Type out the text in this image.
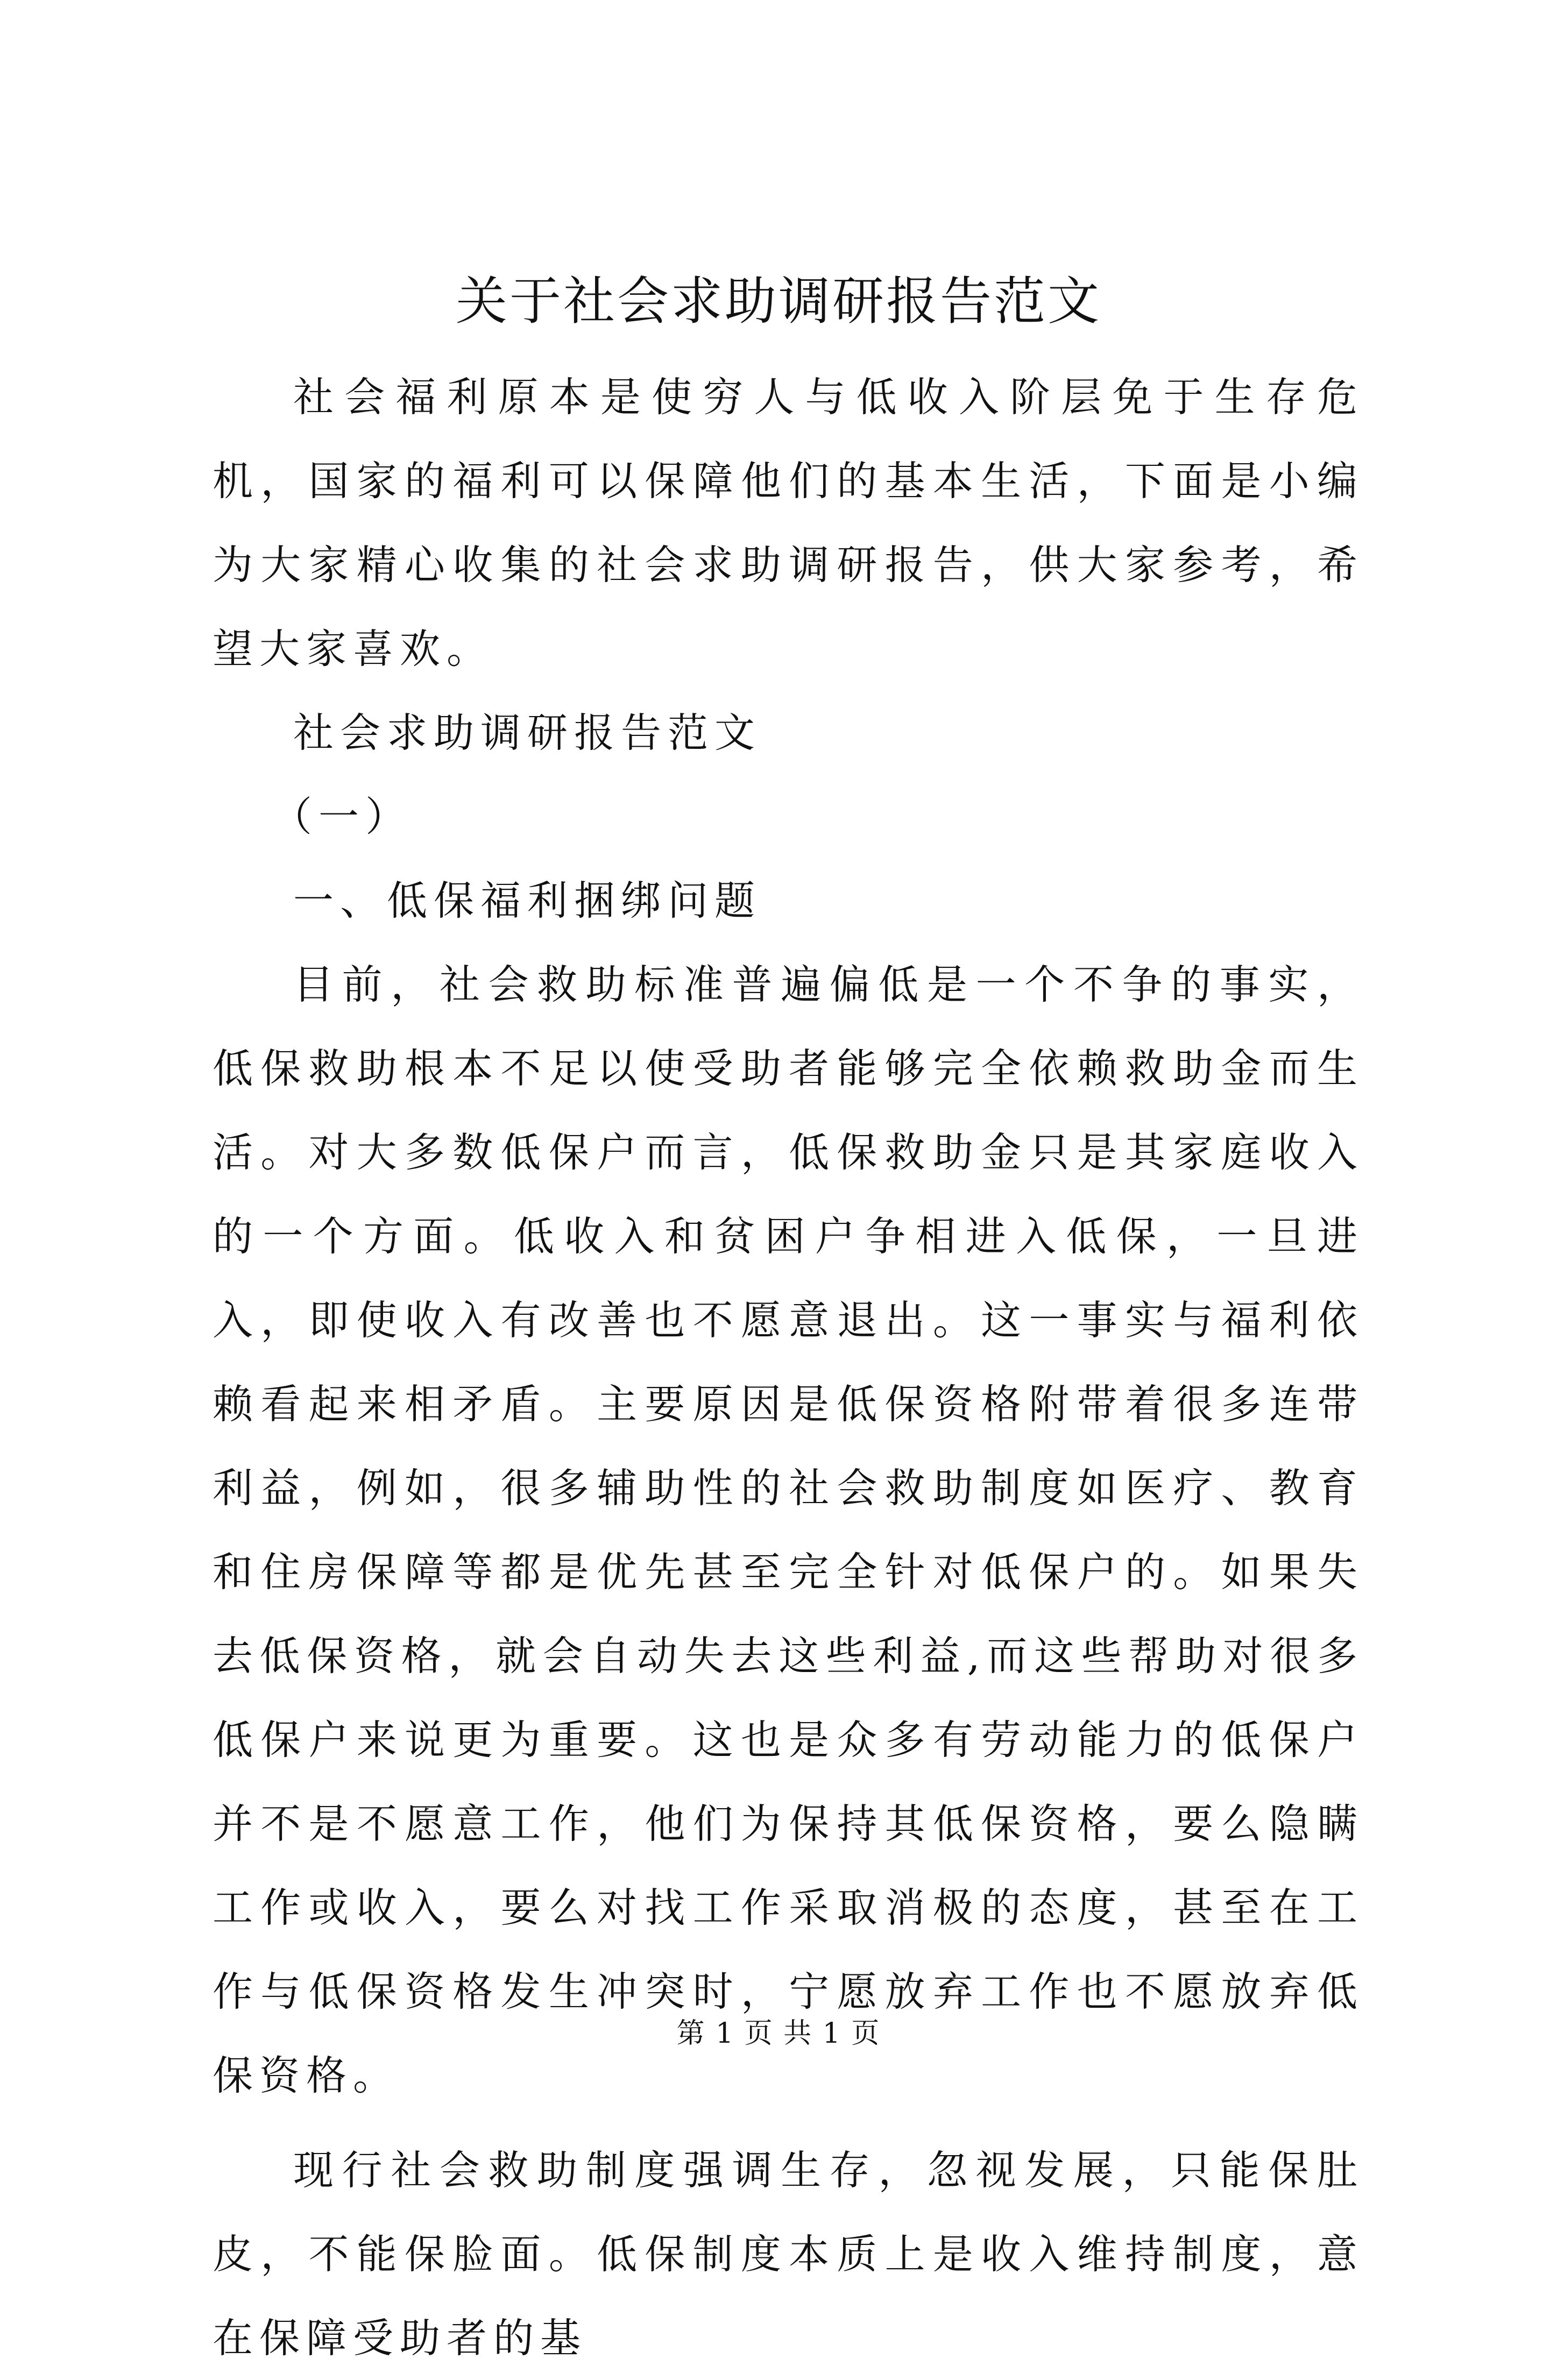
关于社会求助调研报告范文

社会福利原本是使穷人与低收入阶层免于生存危机，国家的福利可以保障他们的基本生活，下面是小编为大家精心收集的社会求助调研报告，供大家参考，希望大家喜欢。

社会求助调研报告范文

（一）

一、低保福利捆绑问题

目前，社会救助标准普遍偏低是一个不争的事实，低保救助根本不足以使受助者能够完全依赖救助金而生活。对大多数低保户而言，低保救助金只是其家庭收入的一个方面。低收入和贫困户争相进入低保，一旦进入，即使收入有改善也不愿意退出。这一事实与福利依赖看起来相矛盾。主要原因是低保资格附带着很多连带利益，例如，很多辅助性的社会救助制度如医疗、教育和住房保障等都是优先甚至完全针对低保户的。如果失去低保资格，就会自动失去这些利益,而这些帮助对很多低保户来说更为重要。这也是众多有劳动能力的低保户并不是不愿意工作，他们为保持其低保资格，要么隐瞒工作或收入，要么对找工作采取消极的态度，甚至在工作与低保资格发生冲突时，宁愿放弃工作也不愿放弃低保资格。

现行社会救助制度强调生存，忽视发展，只能保肚皮，不能保脸面。低保制度本质上是收入维持制度，意在保障受助者的基

第 1 页 共 1 页
